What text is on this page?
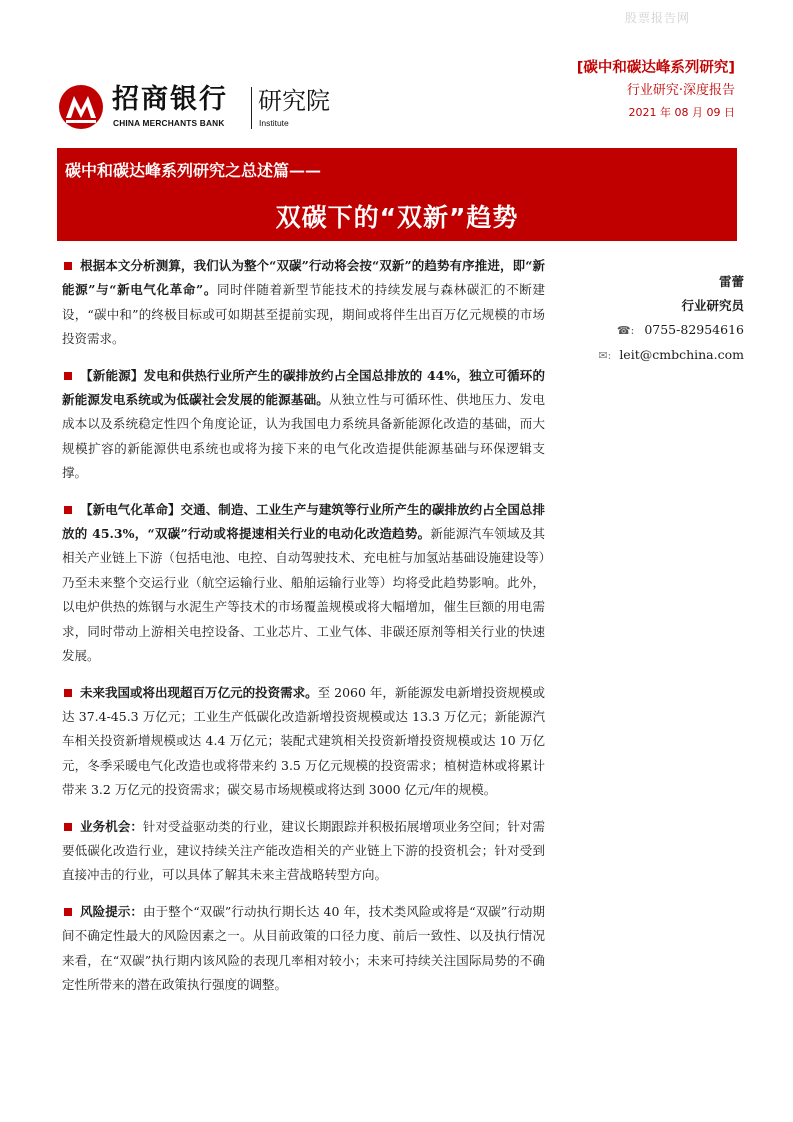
股票报告网
招商银行
CHINA MERCHANTS BANK
研究院
Institute
[碳中和碳达峰系列研究]
行业研究·深度报告
2021 年 08 月 09 日
碳中和碳达峰系列研究之总述篇——
双碳下的“双新”趋势

根据本文分析测算，我们认为整个“双碳”行动将会按“双新”的趋势有序推进，即“新能源”与“新电气化革命”。同时伴随着新型节能技术的持续发展与森林碳汇的不断建设，“碳中和”的终极目标或可如期甚至提前实现，期间或将伴生出百万亿元规模的市场投资需求。

【新能源】发电和供热行业所产生的碳排放约占全国总排放的 44%，独立可循环的新能源发电系统或为低碳社会发展的能源基础。从独立性与可循环性、供地压力、发电成本以及系统稳定性四个角度论证，认为我国电力系统具备新能源化改造的基础，而大规模扩容的新能源供电系统也或将为接下来的电气化改造提供能源基础与环保逻辑支撑。

【新电气化革命】交通、制造、工业生产与建筑等行业所产生的碳排放约占全国总排放的 45.3%，“双碳”行动或将提速相关行业的电动化改造趋势。新能源汽车领域及其相关产业链上下游（包括电池、电控、自动驾驶技术、充电桩与加氢站基础设施建设等）乃至未来整个交运行业（航空运输行业、船舶运输行业等）均将受此趋势影响。此外，以电炉供热的炼钢与水泥生产等技术的市场覆盖规模或将大幅增加，催生巨额的用电需求，同时带动上游相关电控设备、工业芯片、工业气体、非碳还原剂等相关行业的快速发展。

未来我国或将出现超百万亿元的投资需求。至 2060 年，新能源发电新增投资规模或达 37.4-45.3 万亿元；工业生产低碳化改造新增投资规模或达 13.3 万亿元；新能源汽车相关投资新增规模或达 4.4 万亿元；装配式建筑相关投资新增投资规模或达 10 万亿元，冬季采暖电气化改造也或将带来约 3.5 万亿元规模的投资需求；植树造林或将累计带来 3.2 万亿元的投资需求；碳交易市场规模或将达到 3000 亿元/年的规模。

业务机会：针对受益驱动类的行业，建议长期跟踪并积极拓展增项业务空间；针对需要低碳化改造行业，建议持续关注产能改造相关的产业链上下游的投资机会；针对受到直接冲击的行业，可以具体了解其未来主营战略转型方向。

风险提示：由于整个“双碳”行动执行期长达 40 年，技术类风险或将是“双碳”行动期间不确定性最大的风险因素之一。从目前政策的口径力度、前后一致性、以及执行情况来看，在“双碳”执行期内该风险的表现几率相对较小；未来可持续关注国际局势的不确定性所带来的潜在政策执行强度的调整。

雷蕾
行业研究员
☎: 0755-82954616
✉: leit@cmbchina.com
